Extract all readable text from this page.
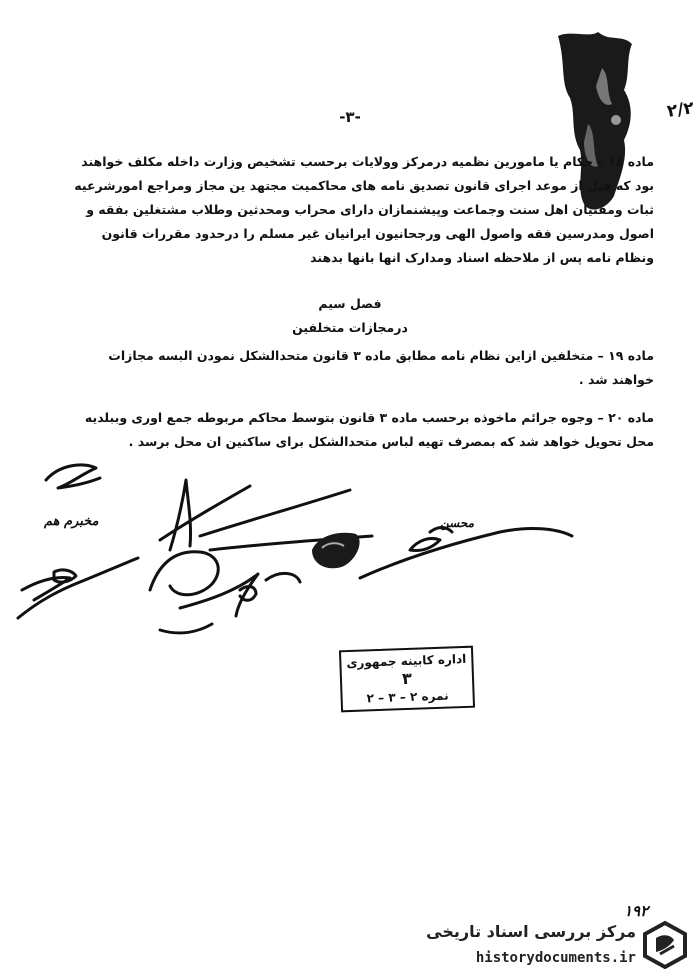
۲/۲
-۳-

ماده ۱۸ – حکام یا مامورین نظمیه درمرکز وولایات برحسب تشخیص وزارت داخله مکلف خواهند

بود که قبل از موعد اجرای قانون تصدیق نامه های محاکمیت مجتهد ین مجاز ومراجع امورشرعیه

ثبات ومفتیان اهل سنت وجماعت وپیشنمازان دارای محراب ومحدثین وطلاب مشتغلین بفقه و

اصول ومدرسین فقه واصول الهی ورجحانیون ایرانیان غیر مسلم را درحدود مقررات قانون

ونظام نامه پس از ملاحظه اسناد ومدارک انها بانها بدهند

فصل سیم
درمجازات متخلفین

ماده ۱۹ – متخلفین ازاین نظام نامه مطابق ماده ۳ قانون متحدالشکل نمودن البسه مجازات

خواهند شد .

ماده ۲۰ – وجوه جرائم ماخوذه برحسب ماده ۳ قانون بتوسط محاکم مربوطه جمع اوری وببلدیه

محل تحویل خواهد شد که بمصرف تهیه لباس متحدالشکل برای ساکنین ان محل برسد .

مخبرم هم	محسن
اداره کابینه جمهوری
۳
نمره ۲ – ۳ – ۲
۱۹۲
مرکز بررسی اسناد تاریخی
historydocuments.ir
